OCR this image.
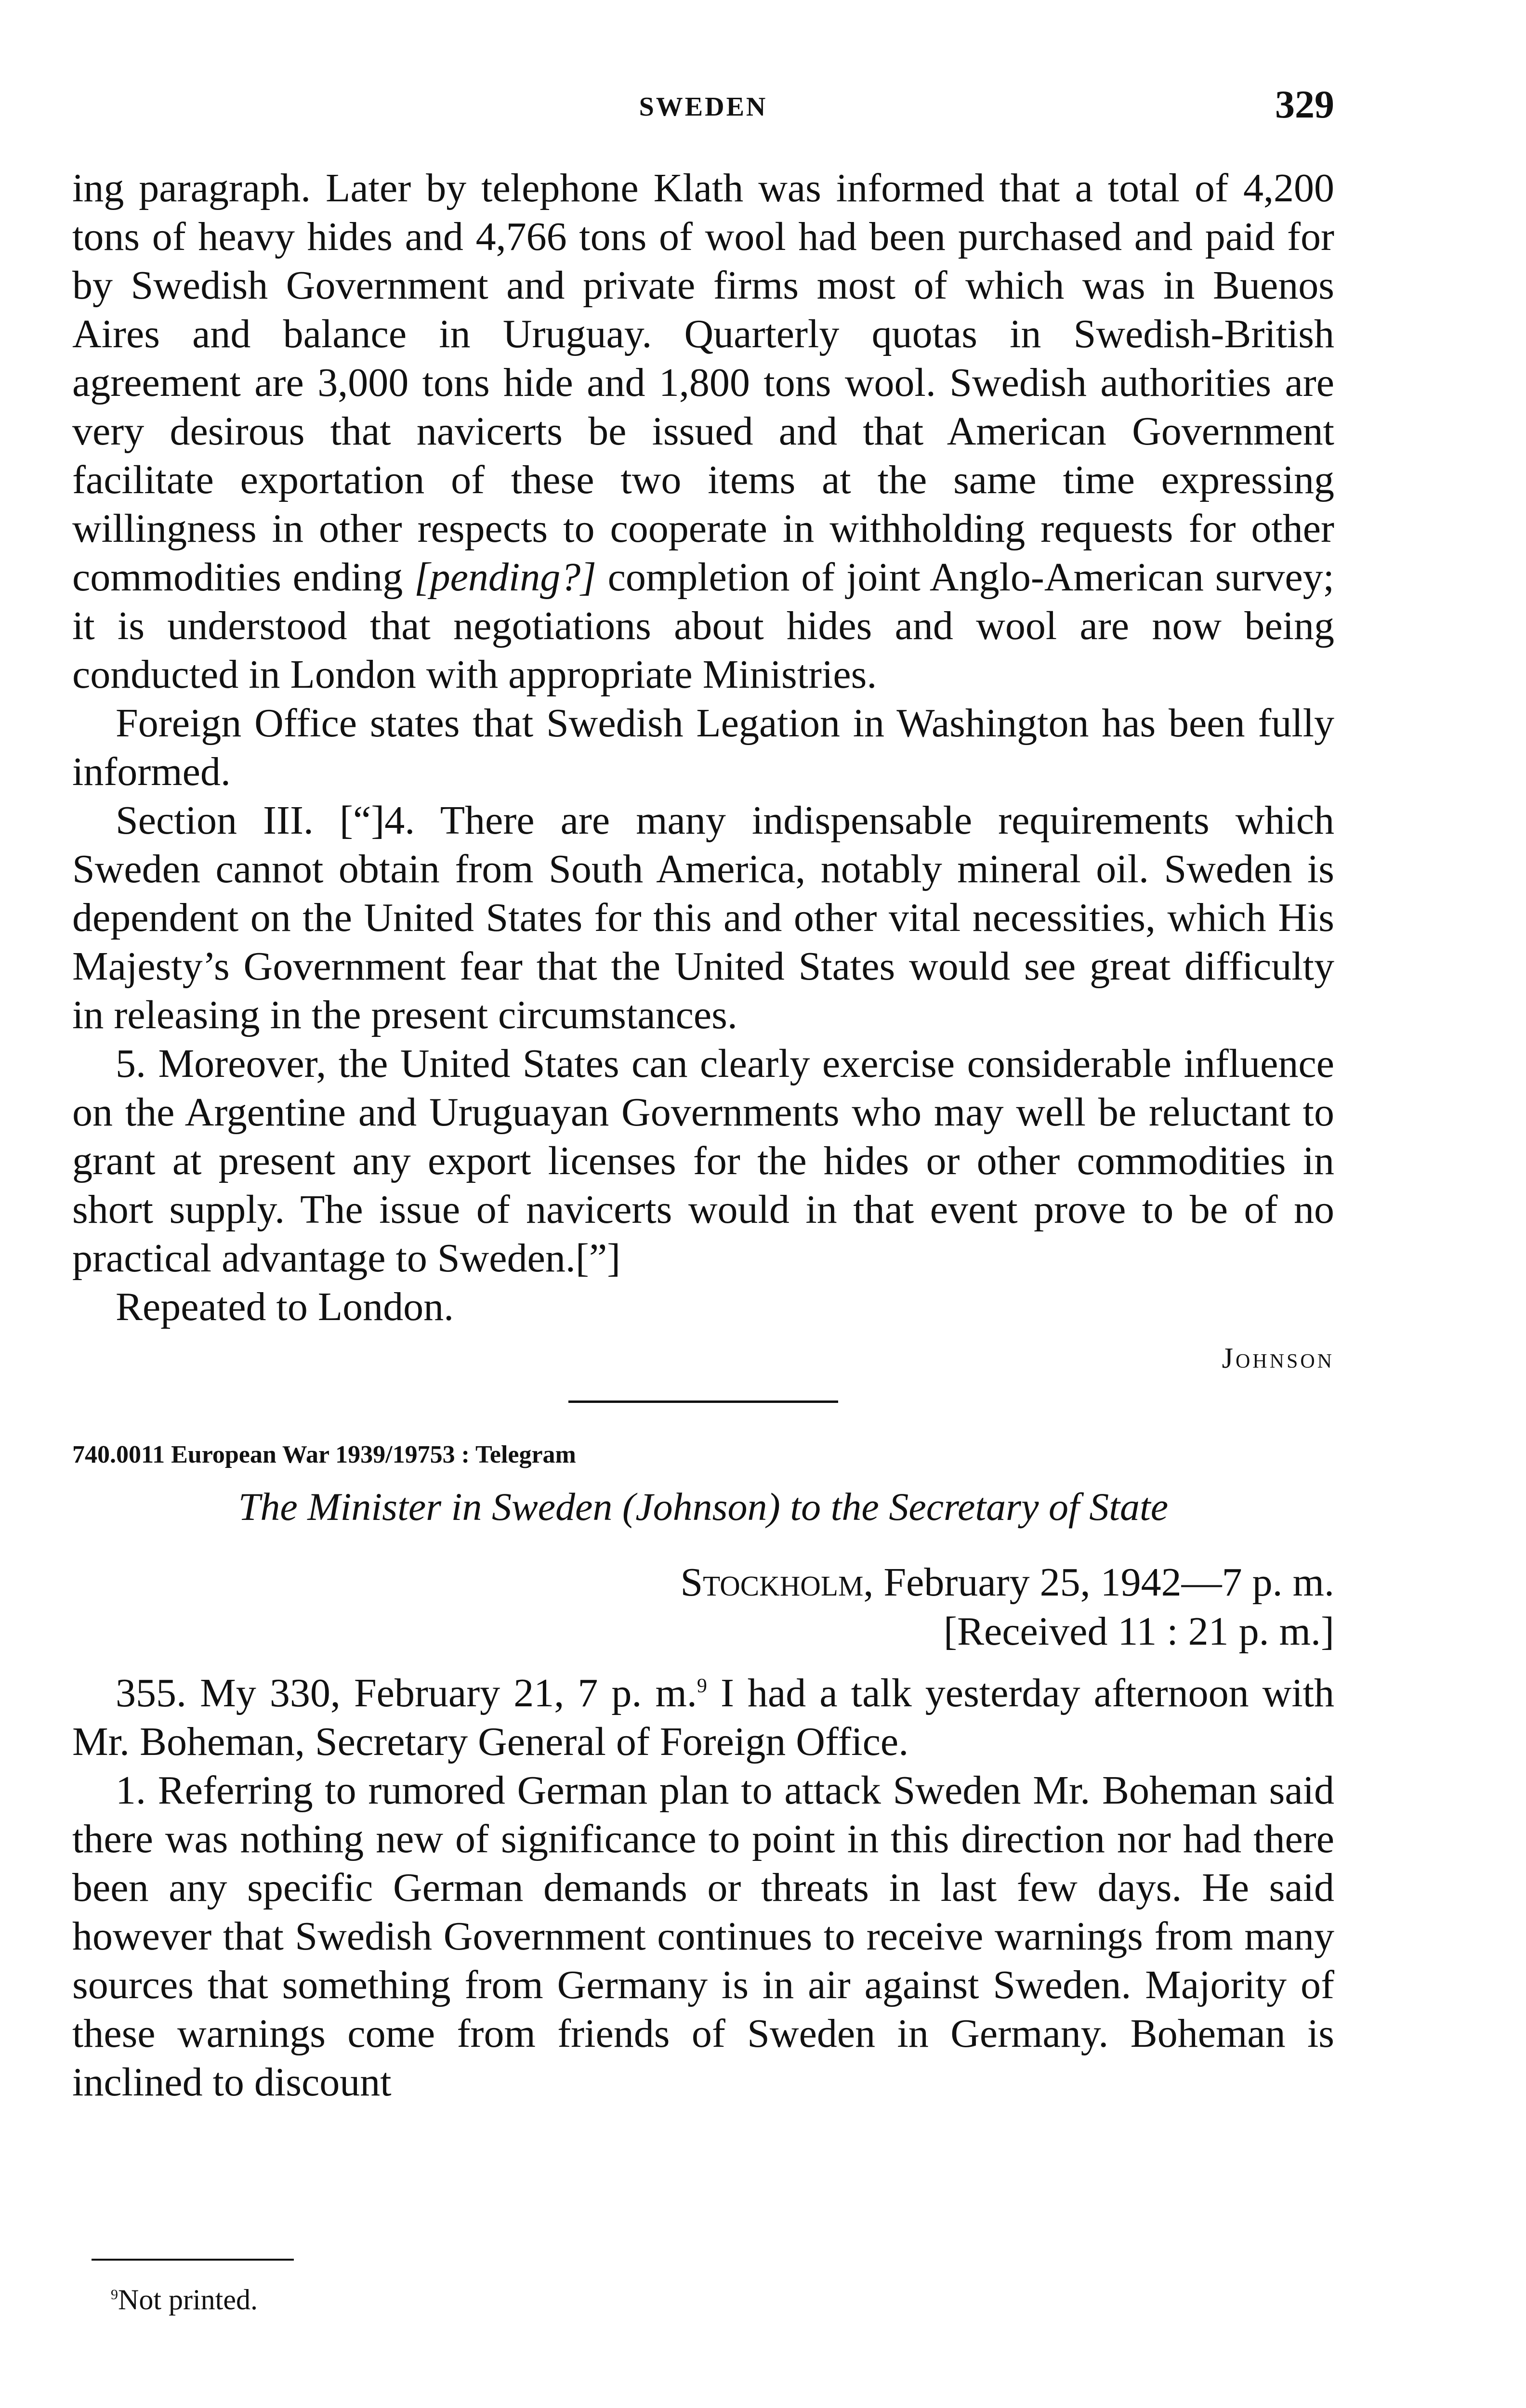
SWEDEN	329

ing paragraph. Later by telephone Klath was informed that a total of 4,200 tons of heavy hides and 4,766 tons of wool had been purchased and paid for by Swedish Government and private firms most of which was in Buenos Aires and balance in Uruguay. Quarterly quotas in Swedish-British agreement are 3,000 tons hide and 1,800 tons wool. Swedish authorities are very desirous that navicerts be issued and that American Government facilitate exportation of these two items at the same time expressing willingness in other respects to cooperate in withholding requests for other commodities ending [pending?] completion of joint Anglo-American survey; it is understood that negotiations about hides and wool are now being conducted in London with appropriate Ministries.

Foreign Office states that Swedish Legation in Washington has been fully informed.

Section III. [“]4. There are many indispensable requirements which Sweden cannot obtain from South America, notably mineral oil. Sweden is dependent on the United States for this and other vital necessities, which His Majesty’s Government fear that the United States would see great difficulty in releasing in the present circumstances.

5. Moreover, the United States can clearly exercise considerable influence on the Argentine and Uruguayan Governments who may well be reluctant to grant at present any export licenses for the hides or other commodities in short supply. The issue of navicerts would in that event prove to be of no practical advantage to Sweden.[”]

Repeated to London.

Johnson
740.0011 European War 1939/19753 : Telegram
The Minister in Sweden (Johnson) to the Secretary of State
Stockholm, February 25, 1942—7 p. m.
[Received 11 : 21 p. m.]

355. My 330, February 21, 7 p. m.$^9$ I had a talk yesterday afternoon with Mr. Boheman, Secretary General of Foreign Office.

1. Referring to rumored German plan to attack Sweden Mr. Boheman said there was nothing new of significance to point in this direction nor had there been any specific German demands or threats in last few days. He said however that Swedish Government continues to receive warnings from many sources that something from Germany is in air against Sweden. Majority of these warnings come from friends of Sweden in Germany. Boheman is inclined to discount

$^9$Not printed.
